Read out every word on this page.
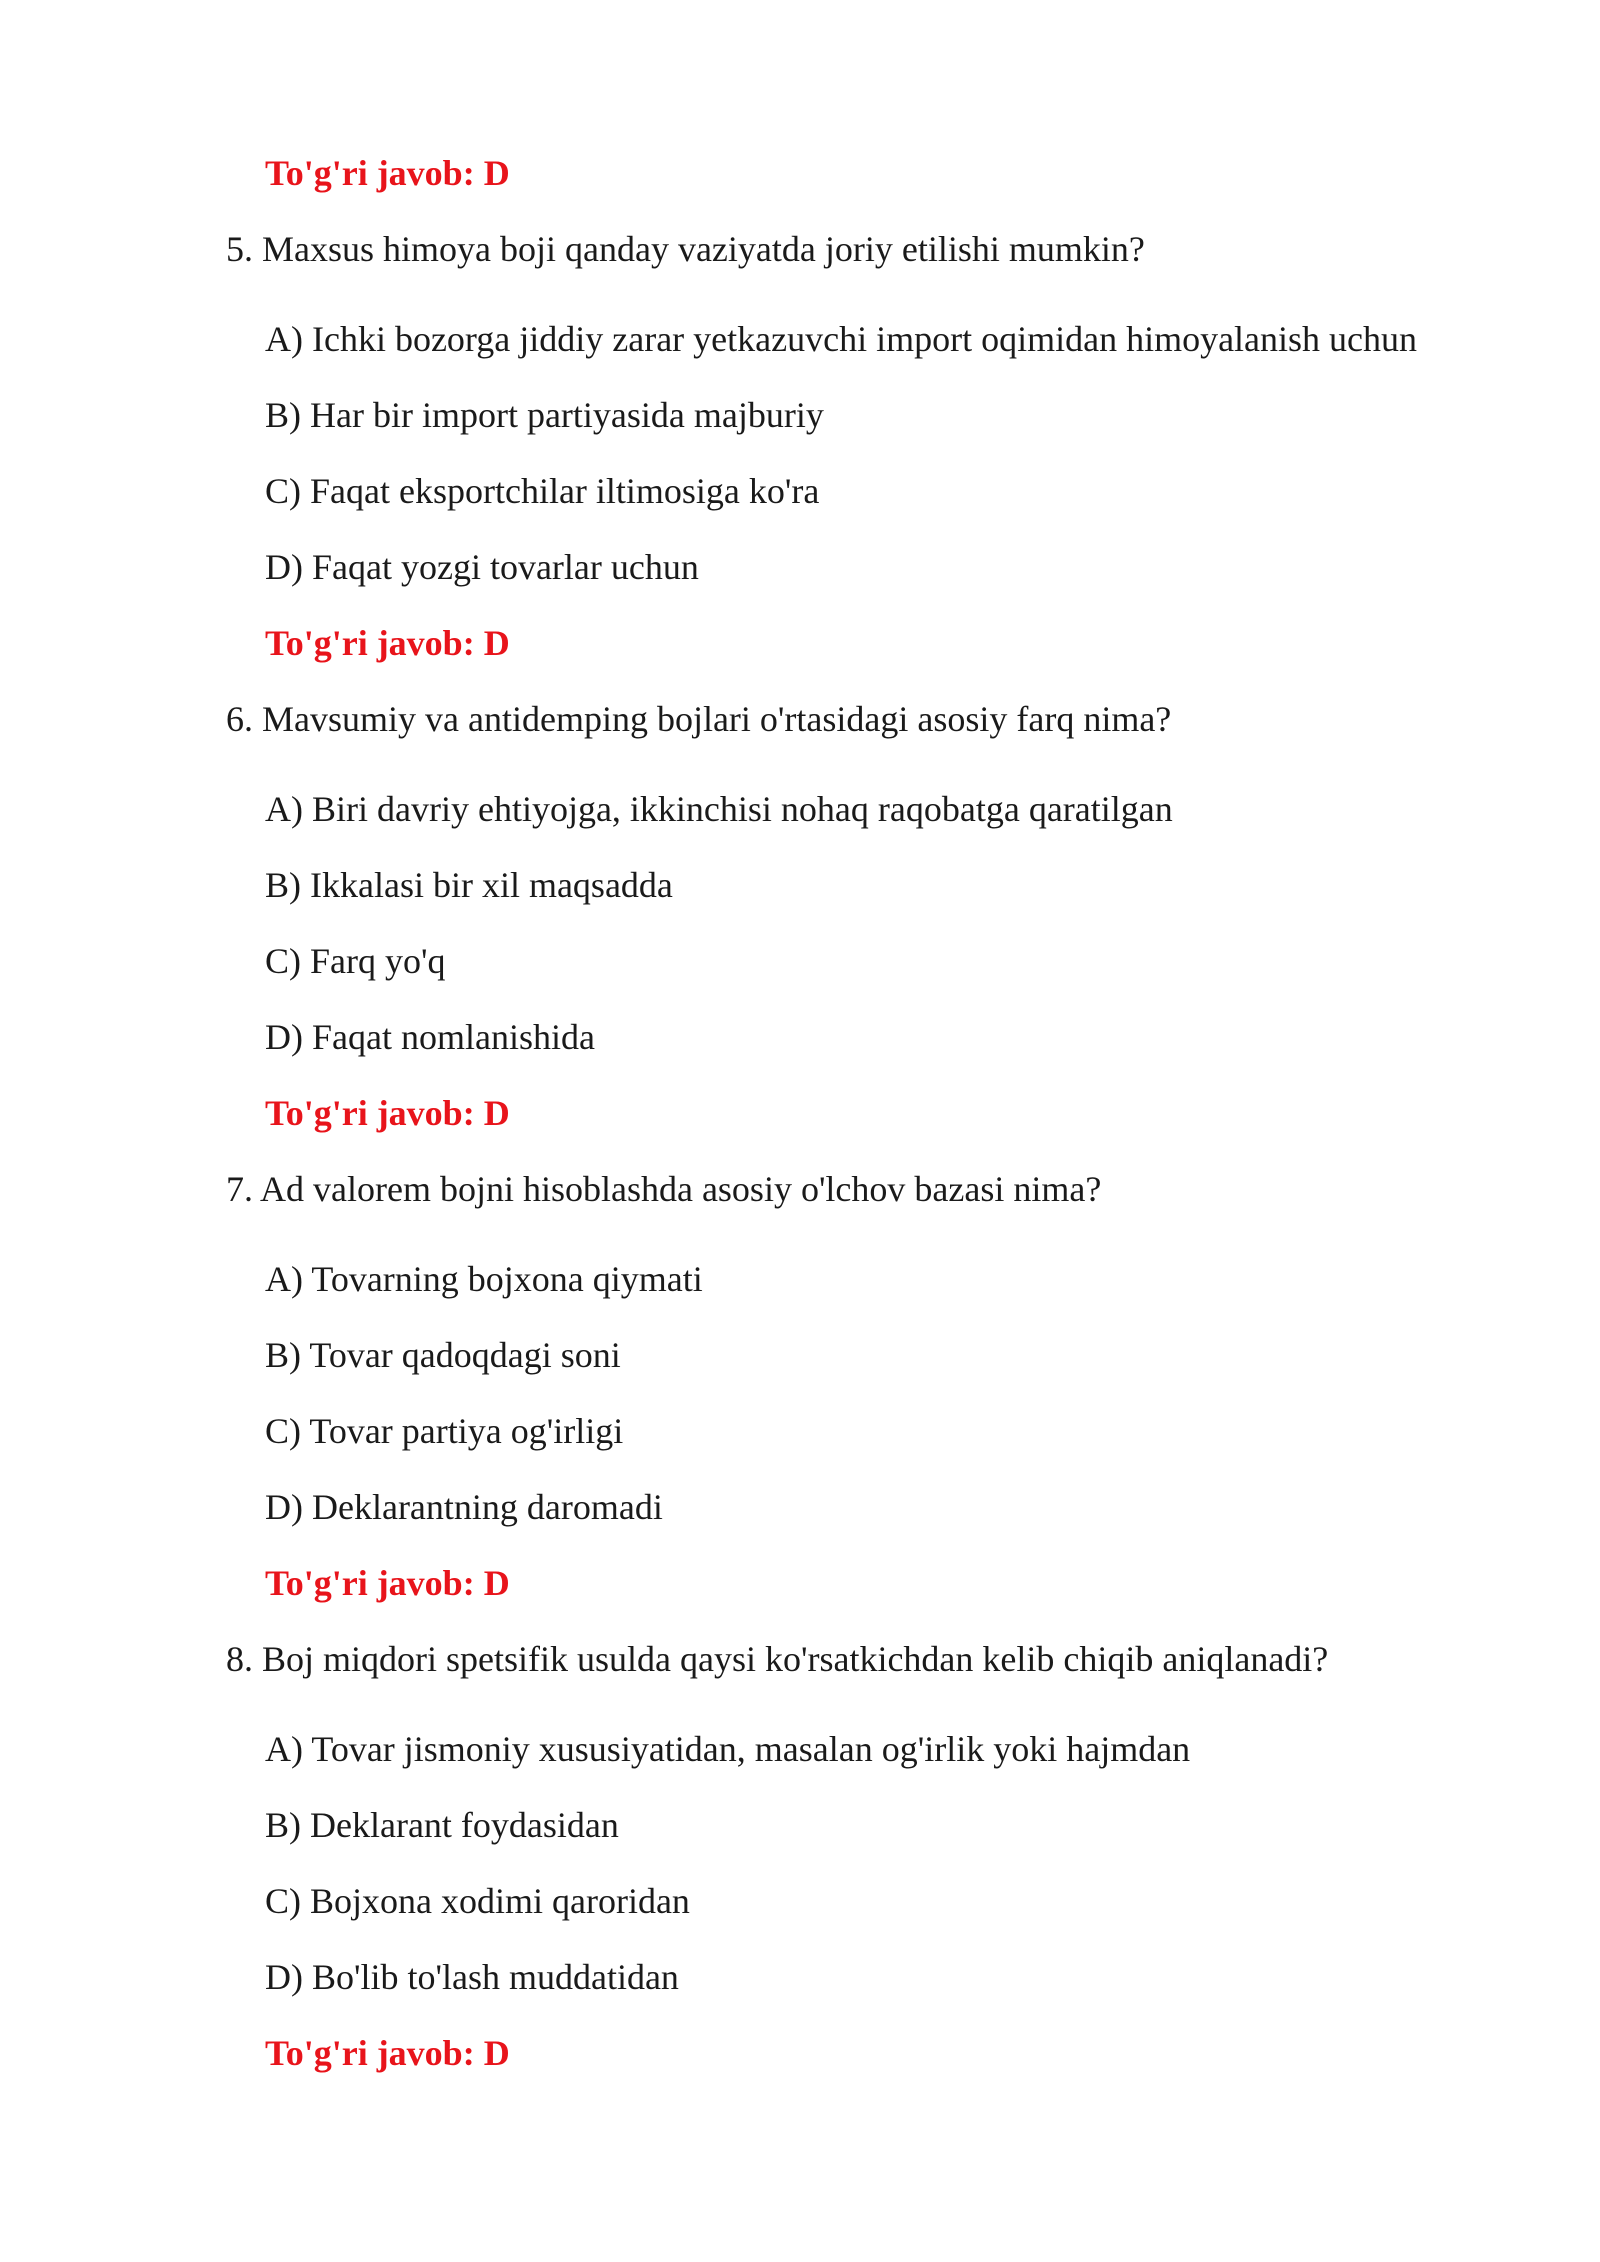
To'g'ri javob: D
5. Maxsus himoya boji qanday vaziyatda joriy etilishi mumkin?
A) Ichki bozorga jiddiy zarar yetkazuvchi import oqimidan himoyalanish uchun
B) Har bir import partiyasida majburiy
C) Faqat eksportchilar iltimosiga ko'ra
D) Faqat yozgi tovarlar uchun
To'g'ri javob: D
6. Mavsumiy va antidemping bojlari o'rtasidagi asosiy farq nima?
A) Biri davriy ehtiyojga, ikkinchisi nohaq raqobatga qaratilgan
B) Ikkalasi bir xil maqsadda
C) Farq yo'q
D) Faqat nomlanishida
To'g'ri javob: D
7. Ad valorem bojni hisoblashda asosiy o'lchov bazasi nima?
A) Tovarning bojxona qiymati
B) Tovar qadoqdagi soni
C) Tovar partiya og'irligi
D) Deklarantning daromadi
To'g'ri javob: D
8. Boj miqdori spetsifik usulda qaysi ko'rsatkichdan kelib chiqib aniqlanadi?
A) Tovar jismoniy xususiyatidan, masalan og'irlik yoki hajmdan
B) Deklarant foydasidan
C) Bojxona xodimi qaroridan
D) Bo'lib to'lash muddatidan
To'g'ri javob: D
